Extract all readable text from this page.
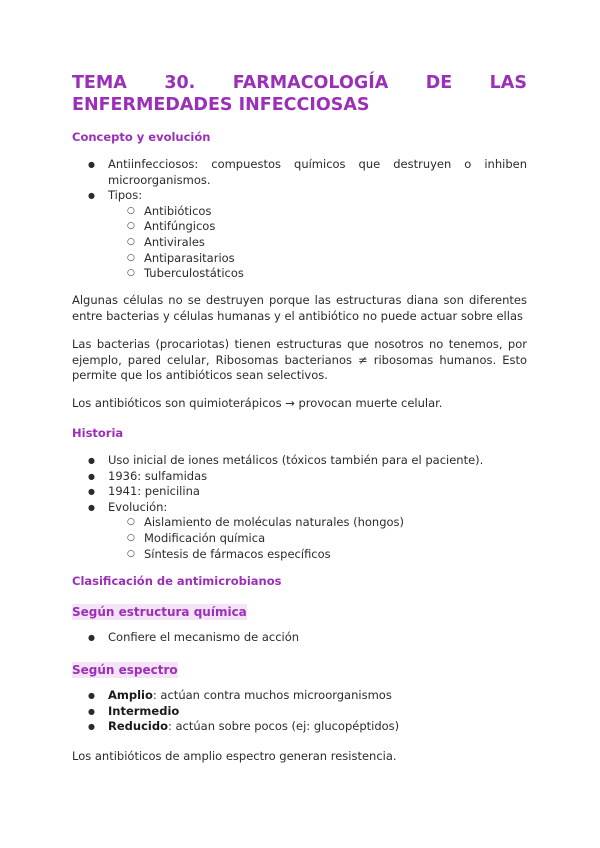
TEMA 30. FARMACOLOGÍA DE LAS
ENFERMEDADES INFECCIOSAS
Concepto y evolución
● Antiinfecciosos: compuestos químicos que destruyen o inhiben microorganismos.
● Tipos:
○ Antibióticos
○ Antifúngicos
○ Antivirales
○ Antiparasitarios
○ Tuberculostáticos

Algunas células no se destruyen porque las estructuras diana son diferentes entre bacterias y células humanas y el antibiótico no puede actuar sobre ellas

Las bacterias (procariotas) tienen estructuras que nosotros no tenemos, por ejemplo, pared celular, Ribosomas bacterianos ≠ ribosomas humanos. Esto permite que los antibióticos sean selectivos.

Los antibióticos son quimioterápicos → provocan muerte celular.

Historia
● Uso inicial de iones metálicos (tóxicos también para el paciente).
● 1936: sulfamidas
● 1941: penicilina
● Evolución:
○ Aislamiento de moléculas naturales (hongos)
○ Modificación química
○ Síntesis de fármacos específicos
Clasificación de antimicrobianos
Según estructura química
● Confiere el mecanismo de acción
Según espectro
● Amplio: actúan contra muchos microorganismos
● Intermedio
● Reducido: actúan sobre pocos (ej: glucopéptidos)

Los antibióticos de amplio espectro generan resistencia.
